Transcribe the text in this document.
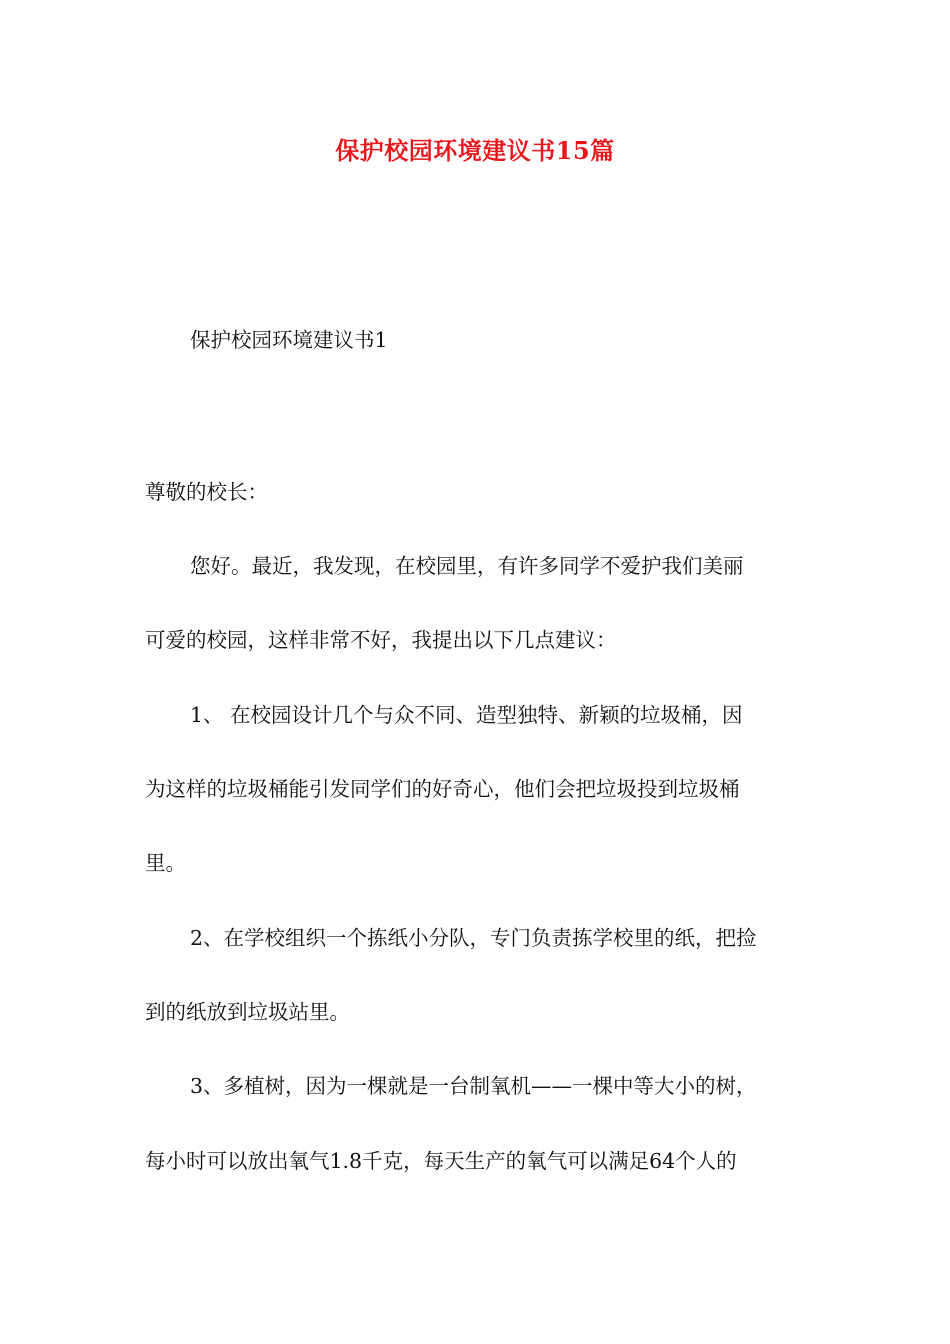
保护校园环境建议书15篇
保护校园环境建议书1
尊敬的校长：
您好。最近，我发现，在校园里，有许多同学不爱护我们美丽
可爱的校园，这样非常不好，我提出以下几点建议：
1、 在校园设计几个与众不同、造型独特、新颖的垃圾桶，因
为这样的垃圾桶能引发同学们的好奇心，他们会把垃圾投到垃圾桶
里。
2、在学校组织一个拣纸小分队，专门负责拣学校里的纸，把捡
到的纸放到垃圾站里。
3、多植树，因为一棵就是一台制氧机——一棵中等大小的树，
每小时可以放出氧气1.8千克，每天生产的氧气可以满足64个人的
